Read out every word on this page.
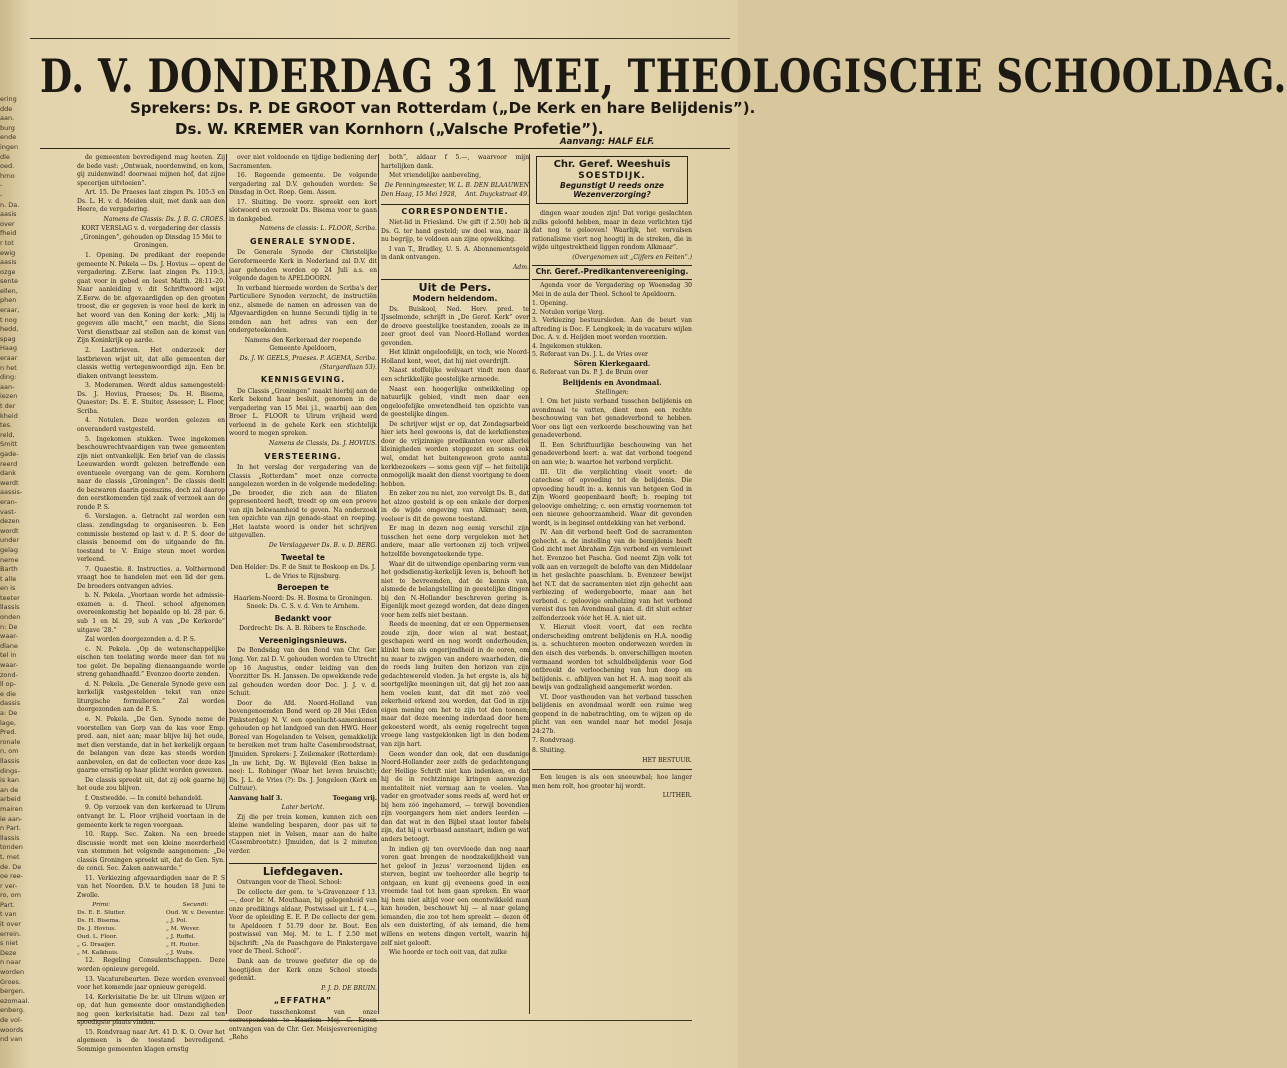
ering
dde
aan.
burg
ende
ingen
dle
oed.
hrno
-
-
n. Da.
aasis
over
fheid
r tot
ewig
aasis
ozge
sente
ellen,
phen
eraar,
t nog
hedd,
spag
Haag
eraar
n het
ding:
aan-
iezen
t der
kheid
tes.
reld,
Smitt
gade-
reerd
dank
werdt
aassis-
eran-
vast-
dezen
wordt
under
gelag
neme
Barth
t alle
en is
teeter
llassis
onden
n: De
waar-
dlane
tel in
waar-
zond-
ll op-
e die
dassis
a: De
lage,
Pred.
ronale
n, om
llassis
dings-
is kan
an de
arbeid
mairen
ie aan-
n Part.
llassis
tonden
t, met
de. De
oe ree-
r ver-
ro, om
Part.
t van
it over
errein.
s niet
Deze
n naar
worden
Groes.
bergen.
ezomaal.
enberg.
de vol-
woords
nd van
D. V. DONDERDAG 31 MEI, THEOLOGISCHE SCHOOLDAG.
Sprekers: Ds. P. DE GROOT van Rotterdam („De Kerk en hare Belijdenis”).
Ds. W. KREMER van Kornhorn („Valsche Profetie”).
Aanvang: HALF ELF.

de gemeenten bevredigend mag heeten. Zij de bede vast: „Ontwaak, noordenwind, en kom, gij zuidenwind! doorwaai mijnen hof, dat zijne specerijen uitvloeien”.

Art. 15. De Praeses laat zingen Ps. 105:3 en Ds. L. H. v. d. Meiden sluit, met dank aan den Heere, de vergadering.

Namens de Classis: Ds. J. B. G. CROES.

KORT VERSLAG v. d. vergadering der classis „Groningen”, gehouden op Dinsdag 15 Mei te Groningen.

1. Opening. De predikant der roepende gemeente N. Pekela — Ds. J. Hovius — opent de vergadering. Z.Eerw. laat zingen Ps. 119:3, gaat voor in gebed en leest Matth. 28:11–20. Naar aanleiding v. dit Schriftwoord wijst Z.Eerw. de br. afgevaardigden op den grooten troost, die er gegeven is voor heel de kerk in het woord van den Koning der kerk: „Mij is gegeven alle macht,” een macht, die Sions Vorst dienstbaar zal stellen aan de komst van Zijn Koninkrijk op aarde.

2. Lastbrieven. Het onderzoek der lastbrieven wijst uit, dat alle gemeenten der classis wettig vertegenwoordigd zijn. Een br. diaken ontvangt leesstem.

3. Moderamen. Wordt aldus samengesteld: Ds. J. Hovius, Praeses; Ds. H. Bisema, Quaestor; Ds. E. E. Stuiter, Assessor; L. Floor, Scriba.

4. Notulen. Deze worden gelezen en onveranderd vastgesteld.

5. Ingekomen stukken. Twee ingekomen beschouwrechtvaardigen van twee gemeenten zijn niet ontvankelijk. Een brief van de classis Leeuwarden wordt gelezen betreffende een eventueele overgang van de gem. Kornhorn naar de classis „Groningen”. De classis deelt de bezwaren daarin geenszins, doch zal daarop den eerstkomenden tijd zaak of verzoek aan de ronde P. S.

6. Verslagen. a. Getracht zal worden een class. zendingsdag te organiseeren. b. Een commissie bestemd op last v. d. P. S. door de classis benoemd om de uitgaande de fin. toestand te V. Enige steun moet worden verleend.

7. Quaestie. 8. Instructies. a. Volthermond vraagt hoe te handelen met een lid der gem. De broeders ontvangen advies.

b. N. Pekela. „Voortaan worde het admissie-examen a. d. Theol. school afgenomen overeenkomstig het bepaalde op bl. 28 par. 6. sub 1 en bl. 29, sub A van „De Kerkorde” uitgave ’28.”

Zal worden doorgezonden a. d. P. S.

c. N. Pekela. „Op de wetenschappelijke eischen ten toelating worde meer dan tot nu toe gelet. De bepaling dienaangaande worde streng gehandhaafd.” Evenzoo doorte zenden.

d. N. Pekela. „De Generale Synode geve een kerkelijk vastgestelden tekst van onze liturgische formulieren.” Zal worden doorgezonden aan de P. S.

e. N. Pekela. „De Gen. Synode neme de voorstellen van Gorp van de kas voor Emp. pred. aan, niet aan; maar blijve bij het oude, met dien verstande, dat in het kerkelijk orgaan de belangen van deze kas steeds worden aanbevolen, en dat de collecten voor deze kas gaarne ernstig op haar plicht worden gewezen.

De classis spreekt uit, dat zij ook gaarne bij het oude zou blijven.

f. Onstwedde. — In comité behandeld.

9. Op verzoek van den kerkeraad te Ulrum ontvangt br. L. Floor vrijheid voortaan in de gemeente kerk te regen voorgaan.

10. Rapp. Sec. Zaken. Na een breede discussie wordt met een kleine meerderheid van stemmen het volgende aangenomen: „De classis Groningen spreekt uit, dat de Gen. Syn. de conci. Sec. Zaken aanwaarde.”

11. Verkiezing afgevaardigden naar de P. S van het Noorden. D.V. te houden 18 Juni te Zwolle.

Primi:
Ds. E. E. Sluiter.
Ds. H. Bisema.
Ds. J. Hovius.
Oud. L. Floor.
„ G. Draaijer.
„ M. Kalkhuis.
Secundi:
Oud. W. v. Deventer.
„ J. Pol.
„ M. Wever.
„ J. Roffel.
„ H. Ruiter.
„ J. Wubs.

12. Regeling Consulentschappen. Deze worden opnieuw geregeld.

13. Vacaturebeurten. Deze worden evenveel voor het komende jaar opnieuw geregeld.

14. Kerkvisitatie De br. uit Ulrum wijzen er op, dat hun gemeente door omstandigheden nog geen kerkvisitatie had. Deze zal ten spoedigste plaats vinden.

15. Rondvraag naar Art. 41 D. K. O. Over het algemeen is de toestand bevredigend. Sommige gemeenten klagen ernstig

over niet voldoende en tijdige bediening der Sacramenten.

16. Regeende gemeente. De volgende vergadering zal D.V. gehouden worden: Se Dinsdag in Oct. Roep. Gem. Assen.

17. Sluiting. De voorz. spreekt een kort slotwoord en verzoekt Ds. Bisema voor te gaan in dankgebed.

Namens de classis: L. FLOOR, Scriba.

GENERALE SYNODE.

De Generale Synode der Christelijke Gereformeerde Kerk in Nederland zal D.V. dit jaar gehouden worden op 24 Juli a.s. en volgende dagen te APELDOORN.

In verband hiermede worden de Scriba’s der Particuliere Synoden verzocht, de instructiën enz., alsmede de namen en adressen van de Afgevaardigden en hunne Secundi tijdig in te zenden aan het adres van een der ondergeteekenden.

Namens den Kerkeraad der roepende Gemeente Apeldoorn,

Ds. J. W. GEELS, Praeses. P. AGEMA, Scriba. (Stargardlaan 53).

KENNISGEVING.

De Classis „Groningen” maakt hierbij aan de Kerk bekend haar besluit, genomen in de vergadering van 15 Mei j.l., waarbij aan den Broer L. FLOOR te Ulrum vrijheid werd verleend in de gehele Kerk een stichtelijk woord te mogen spreken.

Namens de Classis, Ds. J. HOVIUS.

VERSTEERING.

In het verslag der vergadering van de Classis „Rotterdam” moet onze correcte aangelezen worden in de volgende mededeling: „De broeder, die zich aan de filiaten gepresenteerd heeft, treedt op om een proeve van zijn bekwaamheid te geven. Na onderzoek ten opzichte van zijn genade-staat en roeping. „Het laatste woord is onder het schrijven uitgevallen.

De Verslaggever Ds. B. v. D. BERG.

Tweetal te

Den Helder: Ds. P. de Smit te Boskoop en Ds. J. L. de Vries te Rijnsburg.

Beroepen te

Haarlem-Noord: Ds. H. Bosma te Groningen. Sneek: Ds. C. S. v. d. Ven te Arnhem.

Bedankt voor

Dordrecht: Ds. A. B. Röbers te Enschede.

Vereenigingsnieuws.

De Bondsdag van den Bond van Chr. Ger. Jong. Ver. zal D. V. gehouden worden te Utrecht op 16 Augustus, onder leiding van den Voorzitter Ds. H. Janssen. De opwekkende rede zal gehouden worden door Doc. J. J. v. d. Schuit.

Door de Afd. Noord-Holland van bovengenoemden Bond werd op 28 Mei (Eden Pinksterdag) N. V. een openlucht-samenkomst gehouden op het landgoed van den HWG. Heer Boreel van Hogelanden te Velsen, gemakkelijk te bereiken met tram halte Casembroodstraat, IJmuiden. Sprekers: J. Zeilemaker (Rotterdam): „In uw licht, Dg. W. Bijleveld (Een bakse in nee): L. Robinger (Waar het leven bruischt); Ds. J. L. de Vries (?): Ds. J. Jongeleen (Kerk en Cultuur).

Aanvang half 3.	Toegang vrij.

Later bericht.

Zij die per trein komen, kunnen zich een kleine wandeling besparen, door pas uit te stappen niet in Velsen, maar aan de halte (Casembrootstr.) IJmuiden, dat is 2 minuten verder.

Liefdegaven.

Ontvangen voor de Theol. School:

De collecte der gem. te 's-Gravenzeer f 13.—, door br. M. Mouthaan, bij gelegenheid van onze predikings aldaar, Postwissel uit L. f 4.—, Voor de opleiding E. E. P. De collecte der gem. te Apeldoorn f 51.79 door br. Bout. Een postwissel van Mej. M. te L. f 2.50 met bijschrift: „Na de Paaschgave de Pinkstergave voor de Theol. School”.

Dank aan de trouwe geefster die op de hoogtijden der Kerk onze School steeds gedenkt.

P. J. D. DE BRUIN.

„EFFATHA”

Door tusschenkomst van onze correspondente te Haarlem Mej. C. Kroon ontvangen van de Chr. Ger. Meisjesvereeniging „Reho

both”, aldaar f 5.—, waarvoor mijn hartelijken dank.

Met vriendelijke aanbeveling,

De Penningmeester, W. L. B. DEN BLAAUWEN

Den Haag, 15 Mei 1928, Ant. Duyckstraat 49.

CORRESPONDENTIE.

Niet-lid in Friesland. Uw gift (f 2.50) heb ik Ds. G. ter hand gesteld; uw doel was, naar ik nu begrijp, te voldoen aan zijne opwekking.

I van T., Bradley, U. S. A. Abonnementsgeld in dank ontvangen.

Adm.

Uit de Pers.
Modern heidendom.

Ds. Buiskool, Ned. Herv. pred. te IJsselmonde, schrijft in „De Geref. Kerk” over de droeve geestelijke toestanden, zooals ze in zeer groot deel van Noord-Holland worden gevonden.

Het klinkt ongeloofelijk, en toch, wie Noord-Holland kent, weet, dat hij niet overdrijft.

Naast stoffelijke welvaart vindt men daar een schrikkelijke geestelijke armoede.

Naast een hoogerlijke ontwikkeling op natuurlijk gebied, vindt men daar een ongeloofelijke onwetendheid ten opzichte van de geestelijke dingen.

De schrijver wijst er op, dat Zondagsarbeid hier iets heel gewoons is, dat de kerkdiensten door de vrijzinnige predikanten voor allerlei kleinigheden worden stopgezet en soms ook wel, omdat het buitengewoon grote aantal kerkbezoekers — soms geen vijf — het feitelijk onmogelijk maakt den dienst voortgang te doen hebben.

En zeker zou nu niet, zoo vervolgt Ds. B., dat het alzoo gesteld is op een enkele der dorpen in de wijde omgeving van Alkmaar; neen, veeleer is dit de gewone toestand.

Er mag in dezen nog eenig verschil zijn tusschen het eene dorp vergeleken met het andere, maar alle vertoonen zij toch vrijwel hetzelfde bovengeteekende type.

Waar dit de uitwendige openbaring vorm van het godsdienstig-kerkelijk leven is, behoeft het niet te bevreemden, dat de kennis van, alsmede de belangstelling in geestelijke dingen bij den N.-Hollander beschreven gering is. Eigenlijk moet gezegd worden, dat deze dingen voor hem zelfs niet bestaan.

Reeds de meening, dat er een Oppermensen zoude zijn, door wien al wat bestaat, geschapen werd en nog wordt onderhouden, klinkt hem als ongerijmdheid in de ooren, om nu maar te zwijgen van andere waarheden, die de roeds lang buiten den horizon van zijn gedachtewereld vloden. Ja het ergste is, als hij soortgelijke meeningen uit, dat gij het zoo aan hem voelen kunt, dat dit met zóó veel zekerheid erkend zou worden, dat God in zijn eigen mening om het te zijn tot den toonen; maar dat deze meening inderdaad door hem gekoesterd wordt, als eenig regelrecht tegen vroege lang vastgeklonken ligt in den bodem van zijn hart.

Geen wonder dan ook, dat een dusdanige Noord-Hollander zeer zelfs de gedachtengang der Heilige Schrift niet kan indenken, en dat hij de in rechtzinnige kringen aanwezige mentaliteit niet vermag aan te voelen. Van vader en grootvader soms reeds af, werd het er bij hem zóó ingehamerd, — terwijl bovendien zijn voorgangers hem niet anders leerden — dan dat wat in den Bijbel staat louter fabels zijn, dat hij u verbaasd aanstaart, indien ge wat anders betoogt.

In indien gij ten overvloede dan nog naar voren gaat brengen de noodzakelijkheid van het geloof in Jezus’ verzoenend lijden en sterven, begint uw toehoorder alle begrip te ontgaan, en kunt gij eveneens goed in een vreemde taal tot hem gaan spreken. En waar hij hem niet altijd voor een onontwikkeld man kan houden, beschouwt hij — al naar gelang iemanden, die zoo tot hem spreekt — dezen óf als een duisterling, óf als iemand, die hem willens en wetens dingen vertelt, waarin hij zelf niet gelooft.

Wie hoorde er toch ooit van, dat zulke

Chr. Geref. Weeshuis
SOESTDIJK.
Begunstigt U reeds onze Wezenverzorging?

dingen waar zouden zijn! Dat vorige geslachten zulks geloofd hebben, maar in deze verlichten tijd dat nog te gelooven! Waarlijk, het vervalsen rationalisme viert nog hoogtij in de streken, die in wijde uitgestrektheid liggen rondom Alkmaar”.

(Overgenomen uit „Cijfers en Feiten”.)

Chr. Geref.-Predikantenvereeniging.

Agenda voor de Vergadering op Woensdag 30 Mei in de aula der Theol. School te Apeldoorn.

1. Opening.
2. Notulen vorige Verg.
3. Verkiezing bestuursleden. Aan de beurt van aftreding is Doc. F. Lengkeek; in de vacature wijlen Doc. A. v. d. Heijden moet worden voorzien.
4. Ingekomen stukken.
5. Referaat van Ds. J. L. de Vries over

Sören Kierkegaard.

6. Referaat van Ds. P. J. de Bruin over

Belijdenis en Avondmaal.

Stellingen:

I. Om het juiste verband tusschen belijdenis en avondmaal te vatten, dient men een rechte beschouwing van het genadeverbond te hebben. Voor ons ligt een verkeerde beschouwing van het genadeverbond.

II. Een Schriftuurlijke beschouwing van het genadeverbond leert: a. wat dat verbond toegend en aan wie; b. waartoe het verbond verplicht.

III. Uit die verplichting vloeit voort: de catechese of opvoeding tot de belijdenis. Die opvoeding houdt in: a. kennis van hetgeen God in Zijn Woord geopenbaard heeft; b. roeping tot geloovige omhelzing; c. een ernstig voornemen tot een nieuwe gehoorzaamheid. Waar dit gevonden wordt, is in beginsel ontdekking van het verbond.

IV. Aan dit verbond heeft God de sacramenten gehecht. a. de instelling van de bemijdenis heeft God zicht met Abraham Zijn verbond en vernieuwt het. Evenzoo het Pascha. God neemt Zijn volk tot volk aan en verzegelt de belofte van den Middelaar in het geslachte paaschlam. b. Evenzeer bewijst het N.T. dat de sacramenten niet zijn gehecht aan verbiezing of wedergeboorte, maar aan het verbond. c. geloovige omhelzing van het verbond vereist dus ten Avondmaal gaan. d. dit sluit echter zelfonderzoek vóór het H. A. niet uit.

V. Hieruit vloeit voort, dat een rechte onderscheiding omtrent belijdenis en H.A. noodig is. a. schuchteren moeten onderwezen worden in den eisch des verbonds. b. onverschilligen moeten vermaand worden tot schuldbelijdenis voor God ontbreekt de verloochening van hun doop en belijdenis. c. afblijven van het H. A. mag nooit als bewijs van godzaligheid aangemerkt worden.

VI. Door vasthouden van het verband tusschen belijdenis en avondmaal wordt een ruime weg geopend in de nabetrachting, om te wijzen op de plicht van een wandel naar het model Jesaja 24:27b.

7. Rondvraag.

8. Sluiting.

HET BESTUUR.

Een leugen is als een sneeuwbal; hoe langer men hem rolt, hoe grooter hij wordt.

LUTHER.
